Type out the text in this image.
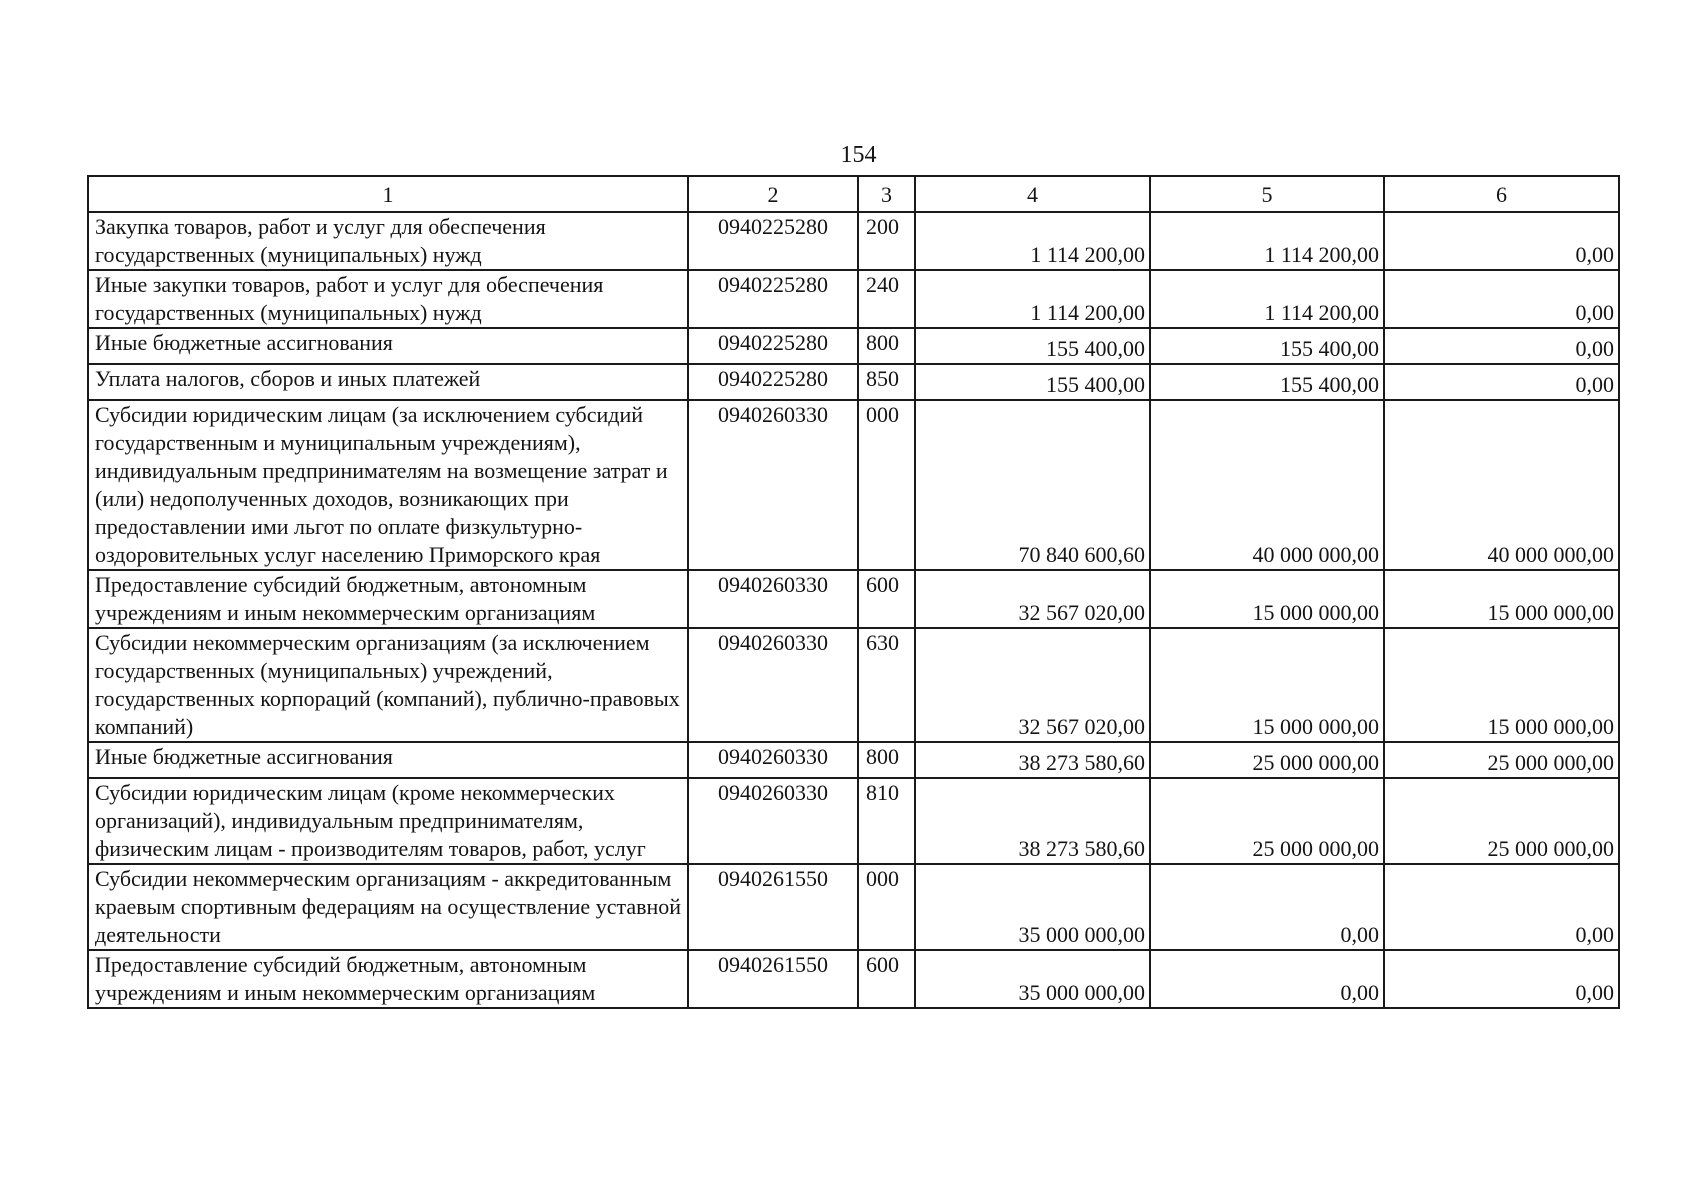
154
1	2	3	4	5	6
Закупка товаров, работ и услуг для обеспечения государственных (муниципальных) нужд	0940225280	200	1 114 200,00	1 114 200,00	0,00
Иные закупки товаров, работ и услуг для обеспечения государственных (муниципальных) нужд	0940225280	240	1 114 200,00	1 114 200,00	0,00
Иные бюджетные ассигнования	0940225280	800	155 400,00	155 400,00	0,00
Уплата налогов, сборов и иных платежей	0940225280	850	155 400,00	155 400,00	0,00
Субсидии юридическим лицам (за исключением субсидий государственным и муниципальным учреждениям), индивидуальным предпринимателям на возмещение затрат и (или) недополученных доходов, возникающих при предоставлении ими льгот по оплате физкультурно-оздоровительных услуг населению Приморского края	0940260330	000	70 840 600,60	40 000 000,00	40 000 000,00
Предоставление субсидий бюджетным, автономным учреждениям и иным некоммерческим организациям	0940260330	600	32 567 020,00	15 000 000,00	15 000 000,00
Субсидии некоммерческим организациям (за исключением государственных (муниципальных) учреждений, государственных корпораций (компаний), публично-правовых компаний)	0940260330	630	32 567 020,00	15 000 000,00	15 000 000,00
Иные бюджетные ассигнования	0940260330	800	38 273 580,60	25 000 000,00	25 000 000,00
Субсидии юридическим лицам (кроме некоммерческих организаций), индивидуальным предпринимателям, физическим лицам - производителям товаров, работ, услуг	0940260330	810	38 273 580,60	25 000 000,00	25 000 000,00
Субсидии некоммерческим организациям - аккредитованным краевым спортивным федерациям на осуществление уставной деятельности	0940261550	000	35 000 000,00	0,00	0,00
Предоставление субсидий бюджетным, автономным учреждениям и иным некоммерческим организациям	0940261550	600	35 000 000,00	0,00	0,00
